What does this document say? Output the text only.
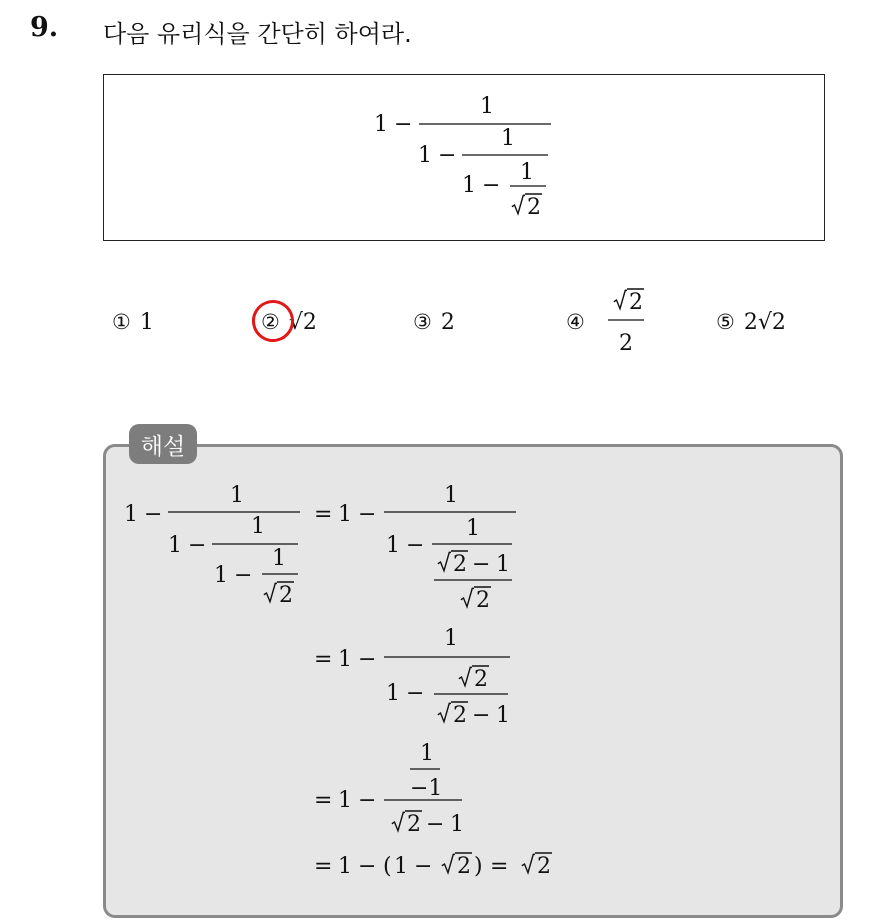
9. 다음 유리식을 간단히 하여라.
1 −
1
1 −
1
1 −
1
2
2
2
① 1	② √2	③ 2	④	⑤ 2√2
해설
1 −
1
1 −
1
1 −
1
2
= 1 −
1
1 −
1
2 − 1
2
= 1 −
1
1 −
2
2 − 1
= 1 −
1
−1
2 − 1
= 1 − ( 1 − 2 ) = 2
